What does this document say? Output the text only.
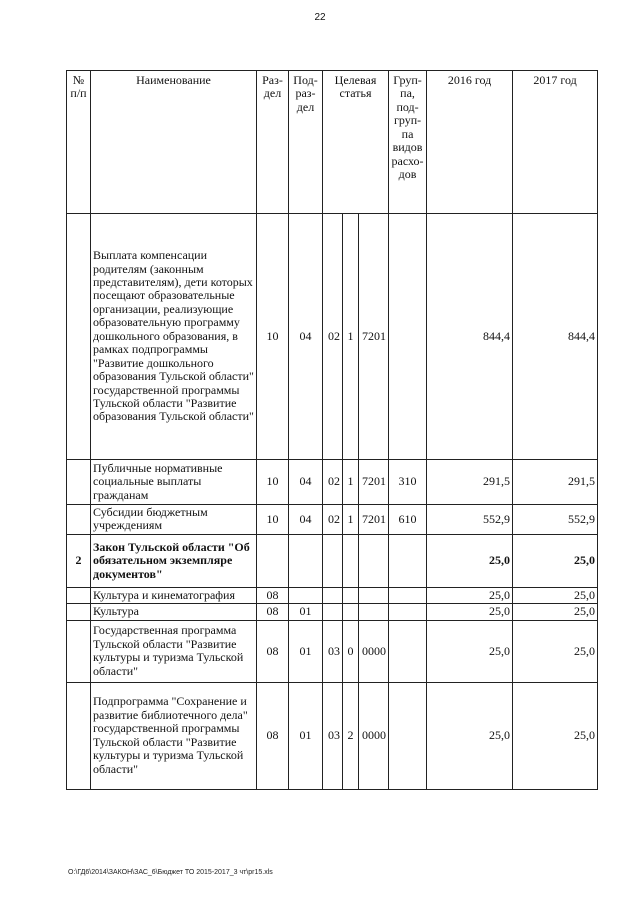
22
№ п/п	Наименование	Раз-дел	Под-раз-дел	Целевая статья			Груп-па, под-груп-па видов расхо-дов	2016 год	2017 год
	Выплата компенсации родителям (законным представителям), дети которых посещают образовательные организации, реализующие образовательную программу дошкольного образования, в рамках подпрограммы "Развитие дошкольного образования Тульской области" государственной программы Тульской области "Развитие образования Тульской области"	10	04	02	1	7201		844,4	844,4
	Публичные нормативные социальные выплаты гражданам	10	04	02	1	7201	310	291,5	291,5
	Субсидии бюджетным учреждениям	10	04	02	1	7201	610	552,9	552,9
2	Закон Тульской области "Об обязательном экземпляре документов"							25,0	25,0
	Культура и кинематография	08						25,0	25,0
	Культура	08	01					25,0	25,0
	Государственная программа Тульской области "Развитие культуры и туризма Тульской области"	08	01	03	0	0000		25,0	25,0
	Подпрограмма "Сохранение и развитие библиотечного дела" государственной программы Тульской области "Развитие культуры и туризма Тульской области"	08	01	03	2	0000		25,0	25,0
O:\ГД6\2014\ЗАКОН\ЗАС_6\Бюджет ТО 2015-2017_3 чт\pr15.xls
